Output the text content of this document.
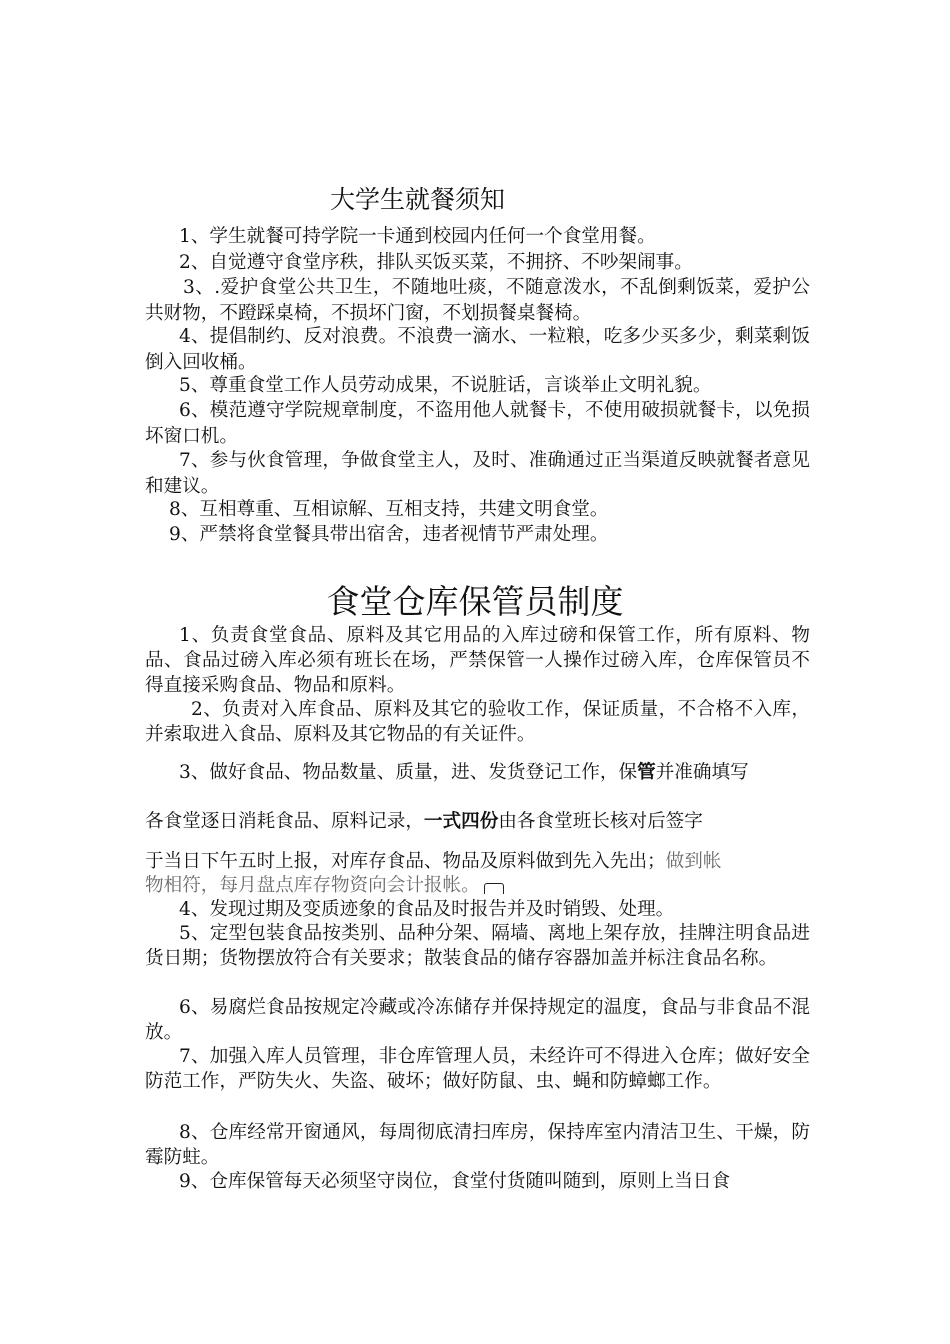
大学生就餐须知
1、学生就餐可持学院一卡通到校园内任何一个食堂用餐。
2、自觉遵守食堂序秩，排队买饭买菜，不拥挤、不吵架闹事。
3、.爱护食堂公共卫生，不随地吐痰，不随意泼水，不乱倒剩饭菜，爱护公共财物，不蹬踩桌椅，不损坏门窗，不划损餐桌餐椅。
4、提倡制约、反对浪费。不浪费一滴水、一粒粮，吃多少买多少，剩菜剩饭倒入回收桶。
5、尊重食堂工作人员劳动成果，不说脏话，言谈举止文明礼貌。
6、模范遵守学院规章制度，不盗用他人就餐卡，不使用破损就餐卡，以免损坏窗口机。
7、参与伙食管理，争做食堂主人，及时、准确通过正当渠道反映就餐者意见和建议。
8、互相尊重、互相谅解、互相支持，共建文明食堂。
9、严禁将食堂餐具带出宿舍，违者视情节严肃处理。
食堂仓库保管员制度
1、负责食堂食品、原料及其它用品的入库过磅和保管工作，所有原料、物品、食品过磅入库必须有班长在场，严禁保管一人操作过磅入库，仓库保管员不得直接采购食品、物品和原料。
2、负责对入库食品、原料及其它的验收工作，保证质量，不合格不入库，并索取进入食品、原料及其它物品的有关证件。
3、做好食品、物品数量、质量，进、发货登记工作，保管并准确填写
各食堂逐日消耗食品、原料记录，一式四份由各食堂班长核对后签字
于当日下午五时上报，对库存食品、物品及原料做到先入先出；做到帐
物相符，每月盘点库存物资向会计报帐。
4、发现过期及变质迹象的食品及时报告并及时销毁、处理。
5、定型包装食品按类别、品种分架、隔墙、离地上架存放，挂牌注明食品进货日期；货物摆放符合有关要求；散装食品的储存容器加盖并标注食品名称。
6、易腐烂食品按规定冷藏或冷冻储存并保持规定的温度，食品与非食品不混放。
7、加强入库人员管理，非仓库管理人员，未经许可不得进入仓库；做好安全防范工作，严防失火、失盗、破坏；做好防鼠、虫、蝇和防蟑螂工作。
8、仓库经常开窗通风，每周彻底清扫库房，保持库室内清洁卫生、干燥，防霉防蛀。
9、仓库保管每天必须坚守岗位，食堂付货随叫随到，原则上当日食
